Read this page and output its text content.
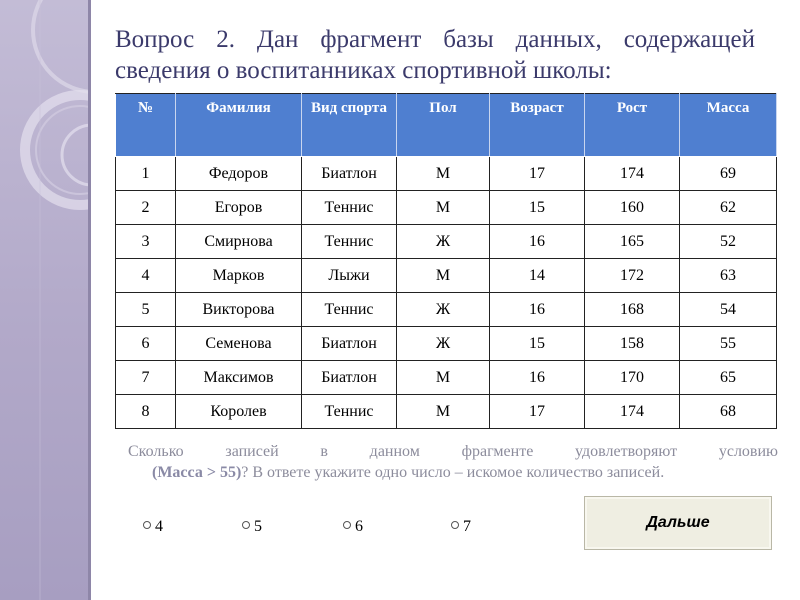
Вопрос 2. Дан фрагмент базы данных, содержащей
сведения о воспитанниках спортивной школы:
№	Фамилия	Вид спорта	Пол	Возраст	Рост	Масса
1	Федоров	Биатлон	М	17	174	69
2	Егоров	Теннис	М	15	160	62
3	Смирнова	Теннис	Ж	16	165	52
4	Марков	Лыжи	М	14	172	63
5	Викторова	Теннис	Ж	16	168	54
6	Семенова	Биатлон	Ж	15	158	55
7	Максимов	Биатлон	М	16	170	65
8	Королев	Теннис	М	17	174	68
Сколько записей в данном фрагменте удовлетворяют условию
(Масса > 55)? В ответе укажите одно число – искомое количество записей.
4	5	6	7	Дальше
